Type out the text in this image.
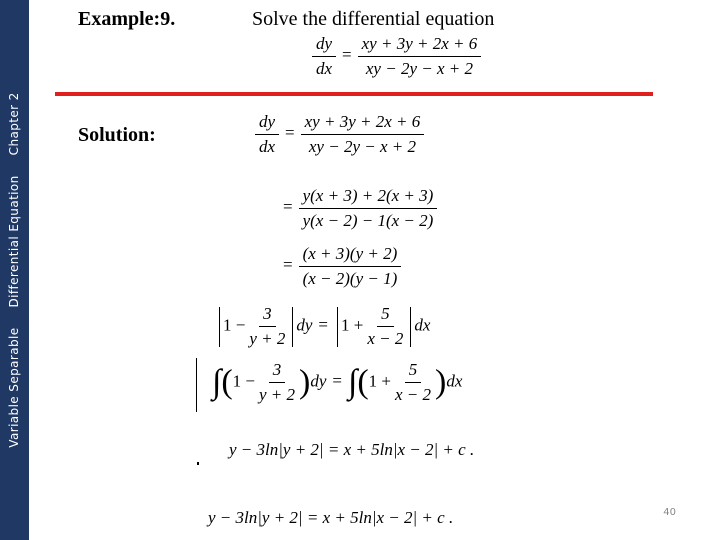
Variable SeparableDifferential EquationChapter 2
Example:9.	Solve the differential equation
$\frac{dy}{dx} = \frac{xy + 3y + 2x + 6}{xy - 2y - x + 2}$
Solution:	$\frac{dy}{dx} = \frac{xy + 3y + 2x + 6}{xy - 2y - x + 2}$
= $\frac{y(x + 3) + 2(x + 3)}{y(x - 2) - 1(x - 2)}$
= $\frac{(x + 3)(y + 2)}{(x - 2)(y - 1)}$
$1 - \frac{3}{y + 2}$ dy = $1 + \frac{5}{x - 2}$ dx
$\int(1 - \frac{3}{y + 2} )dy = \int(1 + \frac{5}{x - 2} )dx$
y − 3ln|y + 2| = x + 5ln|x − 2| + c .
y − 3ln|y + 2| = x + 5ln|x − 2| + c .	40
